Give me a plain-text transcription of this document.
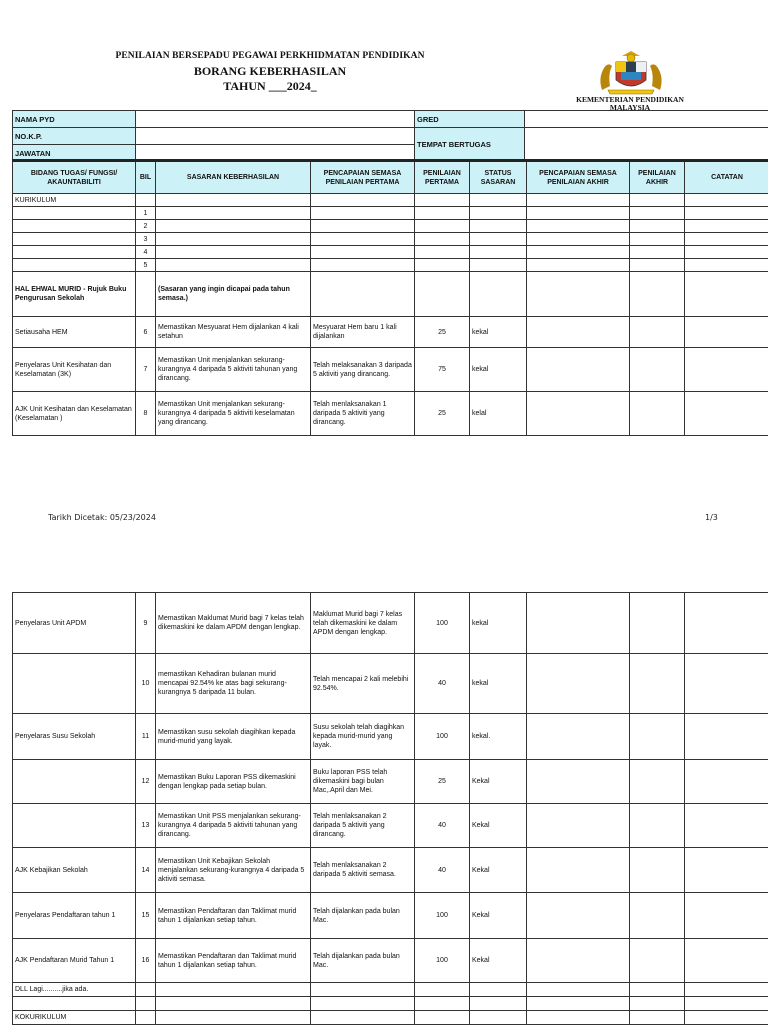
PENILAIAN BERSEPADU PEGAWAI PERKHIDMATAN PENDIDIKAN
BORANG KEBERHASILAN
TAHUN ___2024_
KEMENTERIAN PENDIDIKAN MALAYSIA
NAMA PYD		GRED	
NO.K.P.		TEMPAT BERTUGAS	
JAWATAN			
BIDANG TUGAS/ FUNGSI/ AKAUNTABILITI	BIL	SASARAN KEBERHASILAN	PENCAPAIAN SEMASA PENILAIAN PERTAMA	PENILAIAN PERTAMA	STATUS SASARAN	PENCAPAIAN SEMASA PENILAIAN AKHIR	PENILAIAN AKHIR	CATATAN
KURIKULUM								
	1							
	2							
	3							
	4							
	5							
HAL EHWAL MURID - Rujuk Buku Pengurusan Sekolah		(Sasaran yang ingin dicapai pada tahun semasa.)						
Setiausaha HEM	6	Memastikan Mesyuarat Hem dijalankan 4 kali setahun	Mesyuarat Hem baru 1 kali dijalankan	25	kekal			
Penyelaras Unit Kesihatan dan Keselamatan (3K)	7	Memastikan Unit menjalankan sekurang-kurangnya 4 daripada 5 aktiviti tahunan yang dirancang.	Telah melaksanakan 3 daripada 5 aktiviti yang dirancang.	75	kekal			
AJK Unit Kesihatan dan Keselamatan (Keselamatan )	8	Memastikan Unit menjalankan sekurang-kurangnya 4 daripada 5 aktiviti keselamatan yang dirancang.	Telah menlaksanakan 1 daripada 5 aktiviti yang dirancang.	25	kelal			
Tarikh Dicetak: 05/23/2024	1/3
Penyelaras Unit APDM	9	Memastikan Maklumat Murid bagi 7 kelas telah dikemaskini ke dalam APDM dengan lengkap.	Maklumat Murid bagi 7 kelas telah dikemaskini ke dalam APDM dengan lengkap.	100	kekal			
	10	memastikan Kehadiran bulanan murid mencapai 92.54% ke atas bagi sekurang-kurangnya 5 daripada 11 bulan.	Telah mencapai 2 kali melebihi 92.54%.	40	kekal			
Penyelaras Susu Sekolah	11	Memastikan susu sekolah diagihkan kepada murid-murid yang layak.	Susu sekolah telah diagihkan kepada murid-murid yang layak.	100	kekal.			
	12	Memastikan Buku Laporan PSS dikemaskini dengan lengkap pada setiap bulan.	Buku laporan PSS telah dikemaskini bagi bulan Mac,.April dan Mei.	25	Kekal			
	13	Memastikan Unit PSS menjalankan sekurang-kurangnya 4 daripada 5 aktiviti tahunan yang dirancang.	Telah menlaksanakan 2 daripada 5 aktiviti yang dirancang.	40	Kekal			
AJK Kebajikan Sekolah	14	Memastikan Unit Kebajikan Sekolah menjalankan sekurang-kurangnya 4 daripada 5 aktiviti semasa.	Telah menlaksanakan 2 daripada 5 aktiviti semasa.	40	Kekal			
Penyelaras Pendaftaran tahun 1	15	Memastikan Pendaftaran dan Taklimat murid tahun 1 dijalankan setiap tahun.	Telah dijalankan pada bulan Mac.	100	Kekal			
AJK Pendaftaran Murid Tahun 1	16	Memastikan Pendaftaran dan Taklimat murid tahun 1 dijalankan setiap tahun.	Telah dijalankan pada bulan Mac.	100	Kekal			
DLL Lagi..........jika ada.								

KOKURIKULUM								
